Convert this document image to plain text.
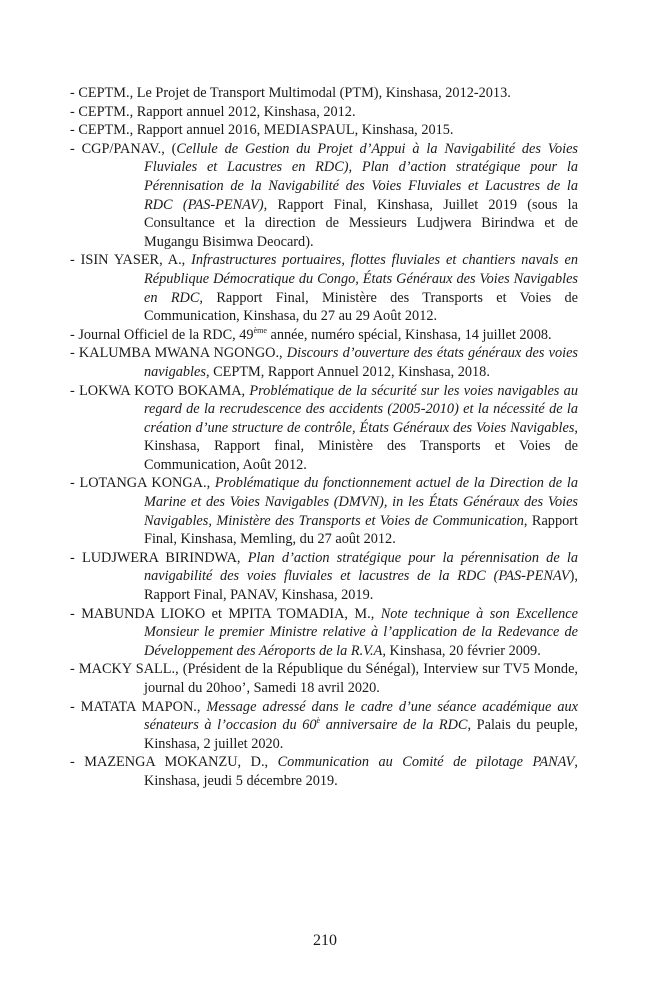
- CEPTM., Le Projet de Transport Multimodal (PTM), Kinshasa, 2012-2013.
- CEPTM., Rapport annuel 2012, Kinshasa, 2012.
- CEPTM., Rapport annuel 2016, MEDIASPAUL, Kinshasa, 2015.
- CGP/PANAV., (Cellule de Gestion du Projet d’Appui à la Navigabilité des Voies Fluviales et Lacustres en RDC), Plan d’action stratégique pour la Pérennisation de la Navigabilité des Voies Fluviales et Lacustres de la RDC (PAS-PENAV), Rapport Final, Kinshasa, Juillet 2019 (sous la Consultance et la direction de Messieurs Ludjwera Birindwa et de Mugangu Bisimwa Deocard).
- ISIN YASER, A., Infrastructures portuaires, flottes fluviales et chantiers navals en République Démocratique du Congo, États Généraux des Voies Navigables en RDC, Rapport Final, Ministère des Transports et Voies de Communication, Kinshasa, du 27 au 29 Août 2012.
- Journal Officiel de la RDC, 49ème année, numéro spécial, Kinshasa, 14 juillet 2008.
- KALUMBA MWANA NGONGO., Discours d’ouverture des états généraux des voies navigables, CEPTM, Rapport Annuel 2012, Kinshasa, 2018.
- LOKWA KOTO BOKAMA, Problématique de la sécurité sur les voies navigables au regard de la recrudescence des accidents (2005-2010) et la nécessité de la création d’une structure de contrôle, États Généraux des Voies Navigables, Kinshasa, Rapport final, Ministère des Transports et Voies de Communication, Août 2012.
- LOTANGA KONGA., Problématique du fonctionnement actuel de la Direction de la Marine et des Voies Navigables (DMVN), in les États Généraux des Voies Navigables, Ministère des Transports et Voies de Communication, Rapport Final, Kinshasa, Memling, du 27 août 2012.
- LUDJWERA BIRINDWA, Plan d’action stratégique pour la pérennisation de la navigabilité des voies fluviales et lacustres de la RDC (PAS-PENAV), Rapport Final, PANAV, Kinshasa, 2019.
- MABUNDA LIOKO et MPITA TOMADIA, M., Note technique à son Excellence Monsieur le premier Ministre relative à l’application de la Redevance de Développement des Aéroports de la R.V.A, Kinshasa, 20 février 2009.
- MACKY SALL., (Président de la République du Sénégal), Interview sur TV5 Monde, journal du 20hoo’, Samedi 18 avril 2020.
- MATATA MAPON., Message adressé dans le cadre d’une séance académique aux sénateurs à l’occasion du $60^è$ anniversaire de la RDC, Palais du peuple, Kinshasa, 2 juillet 2020.
- MAZENGA MOKANZU, D., Communication au Comité de pilotage PANAV, Kinshasa, jeudi 5 décembre 2019.
210
